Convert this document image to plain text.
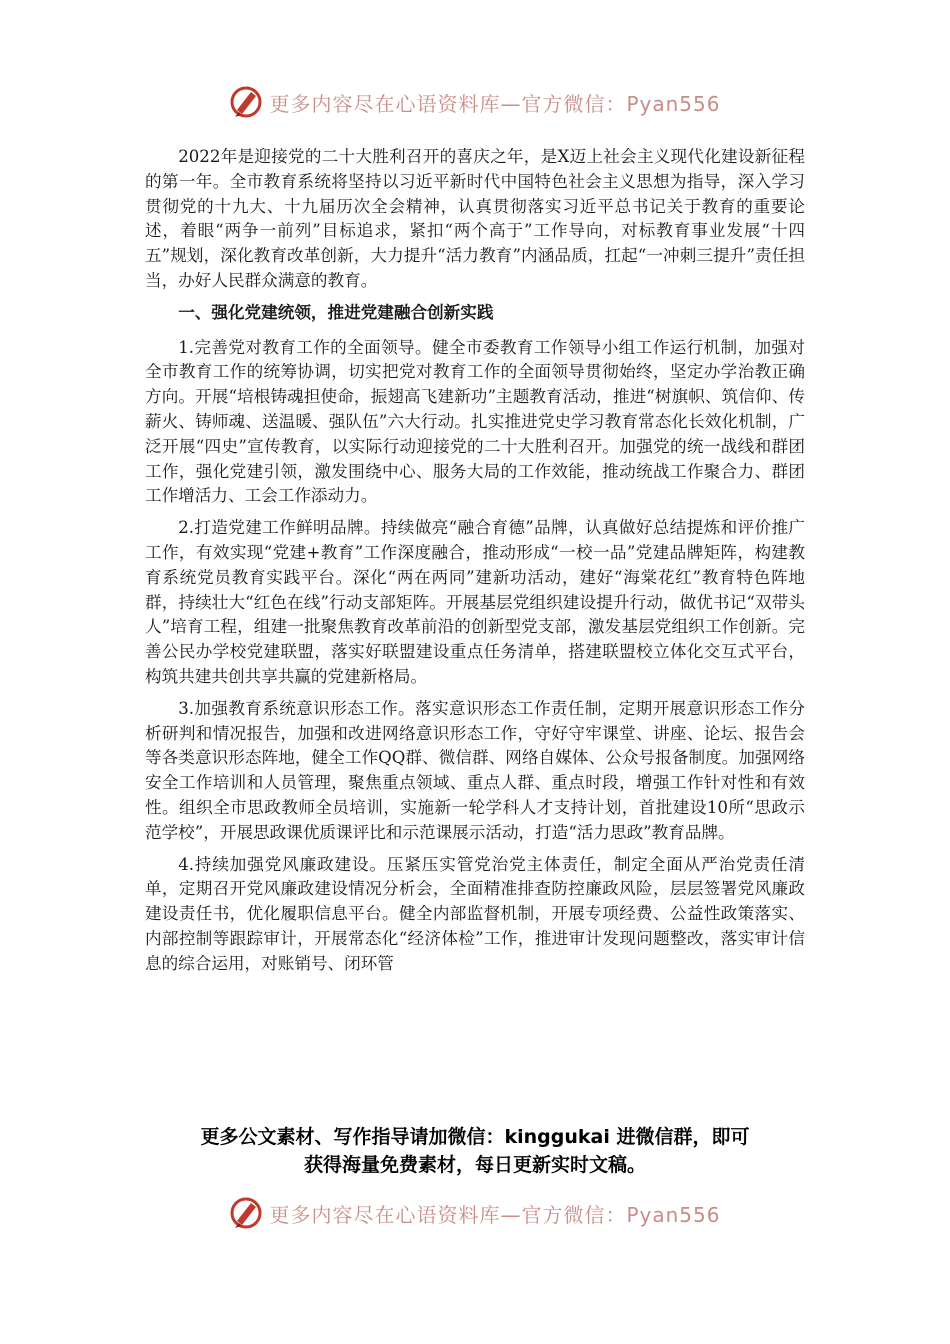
更多内容尽在心语资料库—官方微信：Pyan556

2022年是迎接党的二十大胜利召开的喜庆之年，是X迈上社会主义现代化建设新征程的第一年。全市教育系统将坚持以习近平新时代中国特色社会主义思想为指导，深入学习贯彻党的十九大、十九届历次全会精神，认真贯彻落实习近平总书记关于教育的重要论述，着眼“两争一前列”目标追求，紧扣“两个高于”工作导向，对标教育事业发展“十四五”规划，深化教育改革创新，大力提升“活力教育”内涵品质，扛起“一冲刺三提升”责任担当，办好人民群众满意的教育。

一、强化党建统领，推进党建融合创新实践

1.完善党对教育工作的全面领导。健全市委教育工作领导小组工作运行机制，加强对全市教育工作的统筹协调，切实把党对教育工作的全面领导贯彻始终，坚定办学治教正确方向。开展“培根铸魂担使命，振翅高飞建新功”主题教育活动，推进“树旗帜、筑信仰、传薪火、铸师魂、送温暖、强队伍”六大行动。扎实推进党史学习教育常态化长效化机制，广泛开展“四史”宣传教育，以实际行动迎接党的二十大胜利召开。加强党的统一战线和群团工作，强化党建引领，激发围绕中心、服务大局的工作效能，推动统战工作聚合力、群团工作增活力、工会工作添动力。

2.打造党建工作鲜明品牌。持续做亮“融合育德”品牌，认真做好总结提炼和评价推广工作，有效实现“党建+教育”工作深度融合，推动形成“一校一品”党建品牌矩阵，构建教育系统党员教育实践平台。深化“两在两同”建新功活动，建好“海棠花红”教育特色阵地群，持续壮大“红色在线”行动支部矩阵。开展基层党组织建设提升行动，做优书记“双带头人”培育工程，组建一批聚焦教育改革前沿的创新型党支部，激发基层党组织工作创新。完善公民办学校党建联盟，落实好联盟建设重点任务清单，搭建联盟校立体化交互式平台，构筑共建共创共享共赢的党建新格局。

3.加强教育系统意识形态工作。落实意识形态工作责任制，定期开展意识形态工作分析研判和情况报告，加强和改进网络意识形态工作，守好守牢课堂、讲座、论坛、报告会等各类意识形态阵地，健全工作QQ群、微信群、网络自媒体、公众号报备制度。加强网络安全工作培训和人员管理，聚焦重点领域、重点人群、重点时段，增强工作针对性和有效性。组织全市思政教师全员培训，实施新一轮学科人才支持计划，首批建设10所“思政示范学校”，开展思政课优质课评比和示范课展示活动，打造“活力思政”教育品牌。

4.持续加强党风廉政建设。压紧压实管党治党主体责任，制定全面从严治党责任清单，定期召开党风廉政建设情况分析会，全面精准排查防控廉政风险，层层签署党风廉政建设责任书，优化履职信息平台。健全内部监督机制，开展专项经费、公益性政策落实、内部控制等跟踪审计，开展常态化“经济体检”工作，推进审计发现问题整改，落实审计信息的综合运用，对账销号、闭环管

更多公文素材、写作指导请加微信：kinggukai 进微信群，即可
获得海量免费素材，每日更新实时文稿。
更多内容尽在心语资料库—官方微信：Pyan556
